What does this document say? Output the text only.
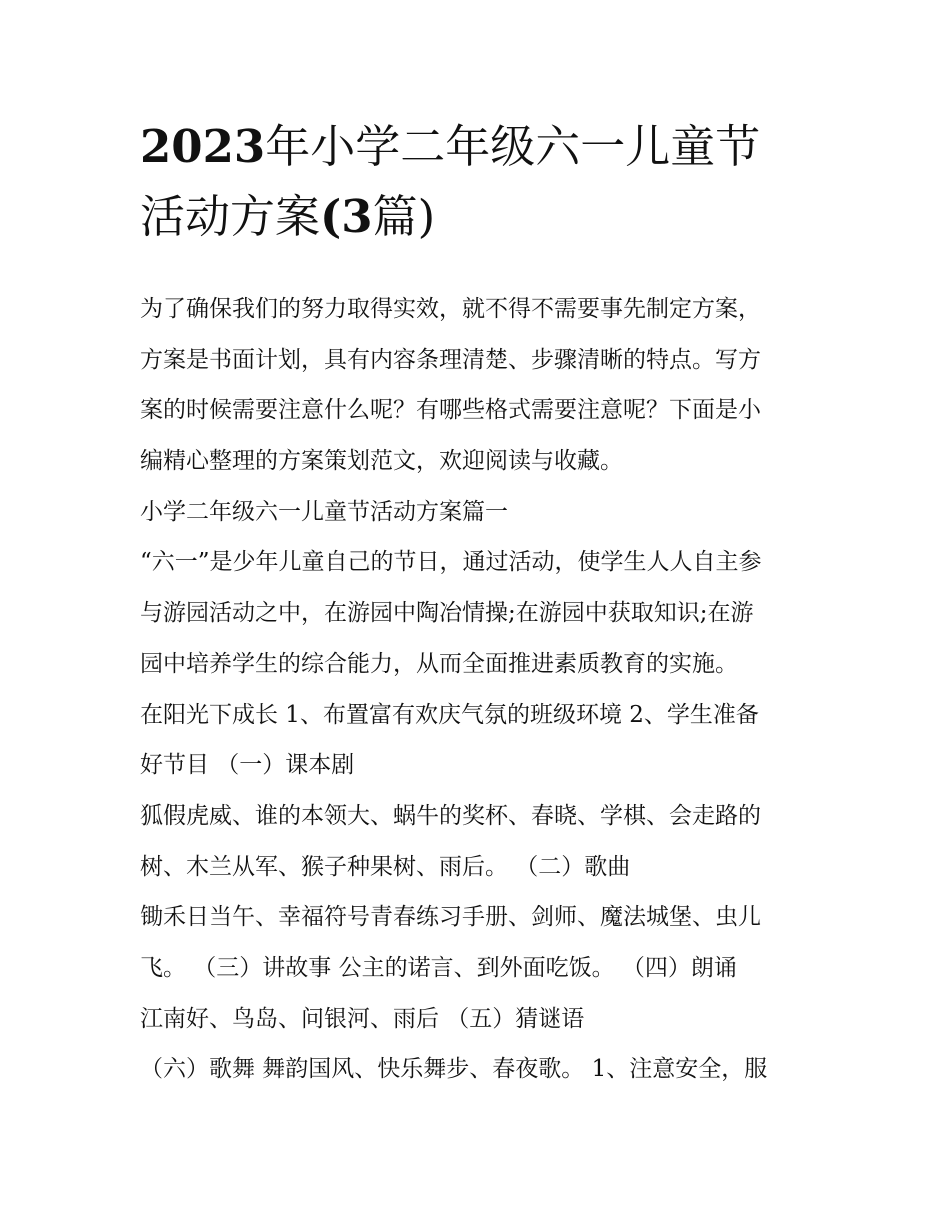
2023年小学二年级六一儿童节
活动方案(3篇)
为了确保我们的努力取得实效，就不得不需要事先制定方案，
方案是书面计划，具有内容条理清楚、步骤清晰的特点。写方
案的时候需要注意什么呢？有哪些格式需要注意呢？下面是小
编精心整理的方案策划范文，欢迎阅读与收藏。
小学二年级六一儿童节活动方案篇一
“六一”是少年儿童自己的节日，通过活动，使学生人人自主参
与游园活动之中，在游园中陶冶情操;在游园中获取知识;在游
园中培养学生的综合能力，从而全面推进素质教育的实施。
在阳光下成长 1、布置富有欢庆气氛的班级环境 2、学生准备
好节目 （一）课本剧
狐假虎威、谁的本领大、蜗牛的奖杯、春晓、学棋、会走路的
树、木兰从军、猴子种果树、雨后。 （二）歌曲
锄禾日当午、幸福符号青春练习手册、剑师、魔法城堡、虫儿
飞。 （三）讲故事 公主的诺言、到外面吃饭。 （四）朗诵
江南好、鸟岛、问银河、雨后 （五）猜谜语
（六）歌舞 舞韵国风、快乐舞步、春夜歌。 1、注意安全，服
